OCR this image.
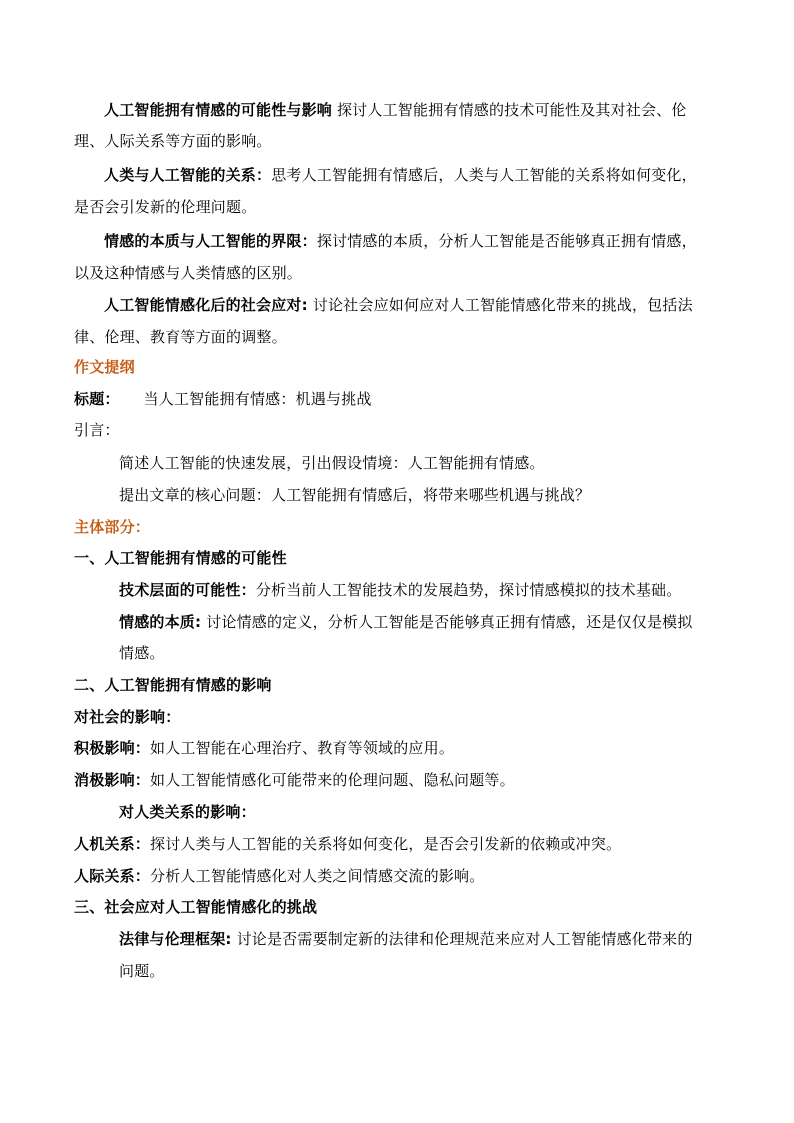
人工智能拥有情感的可能性与影响 探讨人工智能拥有情感的技术可能性及其对社会、伦
理、人际关系等方面的影响。
人类与人工智能的关系：思考人工智能拥有情感后，人类与人工智能的关系将如何变化，
是否会引发新的伦理问题。
情感的本质与人工智能的界限：探讨情感的本质，分析人工智能是否能够真正拥有情感，
以及这种情感与人类情感的区别。
人工智能情感化后的社会应对: 讨论社会应如何应对人工智能情感化带来的挑战，包括法
律、伦理、教育等方面的调整。
作文提纲
标题： 当人工智能拥有情感：机遇与挑战
引言：
简述人工智能的快速发展，引出假设情境：人工智能拥有情感。
提出文章的核心问题：人工智能拥有情感后，将带来哪些机遇与挑战？
主体部分：
一、人工智能拥有情感的可能性
技术层面的可能性：分析当前人工智能技术的发展趋势，探讨情感模拟的技术基础。
情感的本质: 讨论情感的定义，分析人工智能是否能够真正拥有情感，还是仅仅是模拟
情感。
二、人工智能拥有情感的影响
对社会的影响：
积极影响：如人工智能在心理治疗、教育等领域的应用。
消极影响：如人工智能情感化可能带来的伦理问题、隐私问题等。
对人类关系的影响：
人机关系：探讨人类与人工智能的关系将如何变化，是否会引发新的依赖或冲突。
人际关系：分析人工智能情感化对人类之间情感交流的影响。
三、社会应对人工智能情感化的挑战
法律与伦理框架: 讨论是否需要制定新的法律和伦理规范来应对人工智能情感化带来的
问题。
